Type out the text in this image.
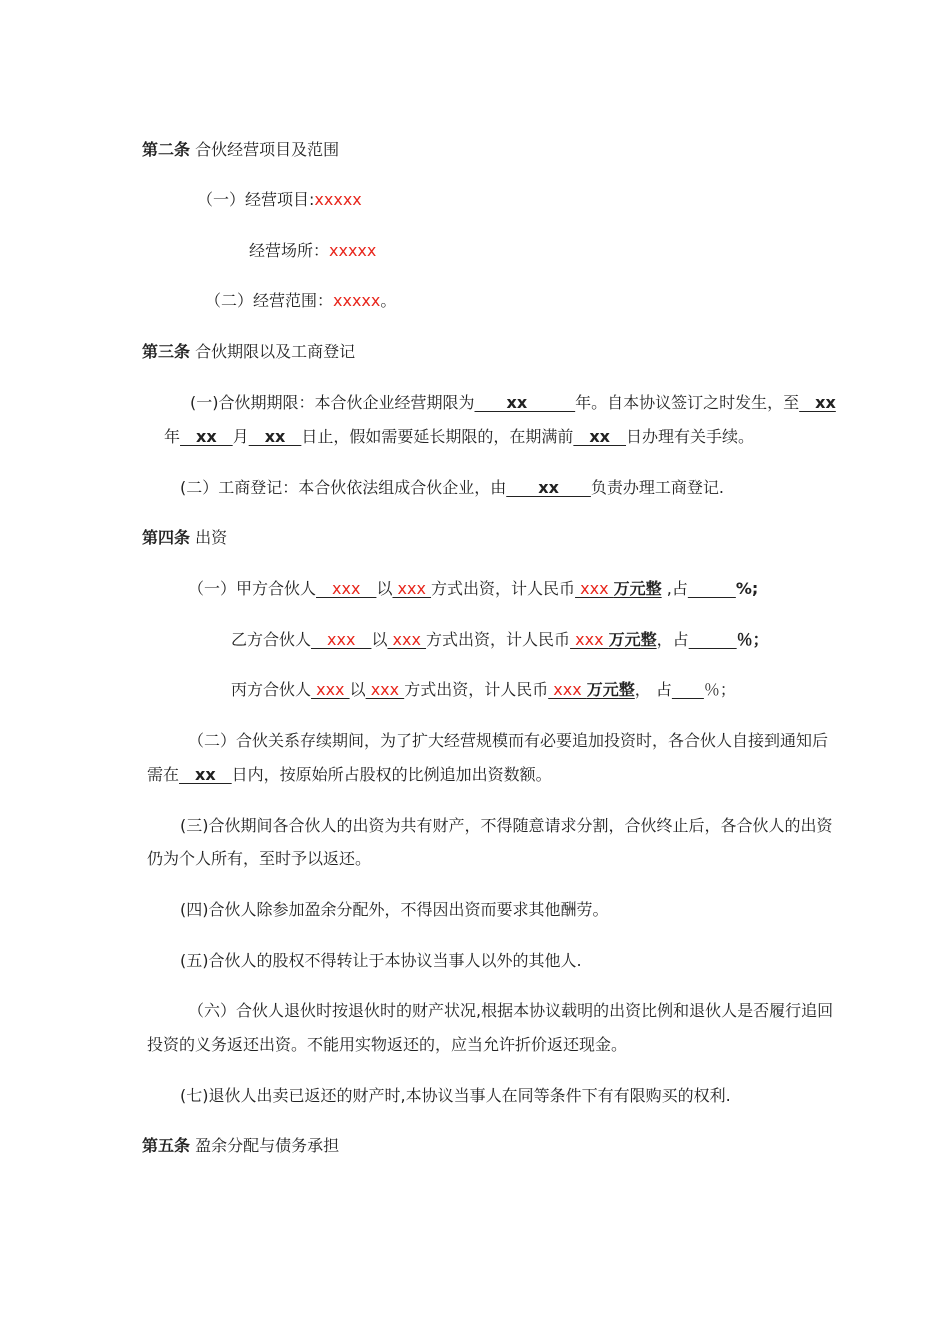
第二条 合伙经营项目及范围
（一）经营项目:xxxxx
经营场所：xxxxx
（二）经营范围：xxxxx。
第三条 合伙期限以及工商登记
(一)合伙期期限：本合伙企业经营期限为　　xx　　　年。自本协议签订之时发生，至　xx
年　xx　月　xx　日止，假如需要延长期限的，在期满前　xx　日办理有关手续。
(二）工商登记：本合伙依法组成合伙企业，由　　xx　　负责办理工商登记.
第四条 出资
（一）甲方合伙人　xxx　以 xxx 方式出资，计人民币 xxx 万元整 ,占　　　	%;
乙方合伙人　xxx　以 xxx 方式出资，计人民币 xxx 万元整，占　　　	％；
丙方合伙人 xxx 以 xxx 方式出资，计人民币 xxx 万元整， 占　　 ％；
（二）合伙关系存续期间，为了扩大经营规模而有必要追加投资时，各合伙人自接到通知后
需在　xx　日内，按原始所占股权的比例追加出资数额。
(三)合伙期间各合伙人的出资为共有财产，不得随意请求分割，合伙终止后，各合伙人的出资
仍为个人所有，至时予以返还。
(四)合伙人除参加盈余分配外，不得因出资而要求其他酬劳。
(五)合伙人的股权不得转让于本协议当事人以外的其他人.
（六）合伙人退伙时按退伙时的财产状况,根据本协议载明的出资比例和退伙人是否履行追回
投资的义务返还出资。不能用实物返还的，应当允许折价返还现金。
(七)退伙人出卖已返还的财产时,本协议当事人在同等条件下有有限购买的权利.
第五条 盈余分配与债务承担
